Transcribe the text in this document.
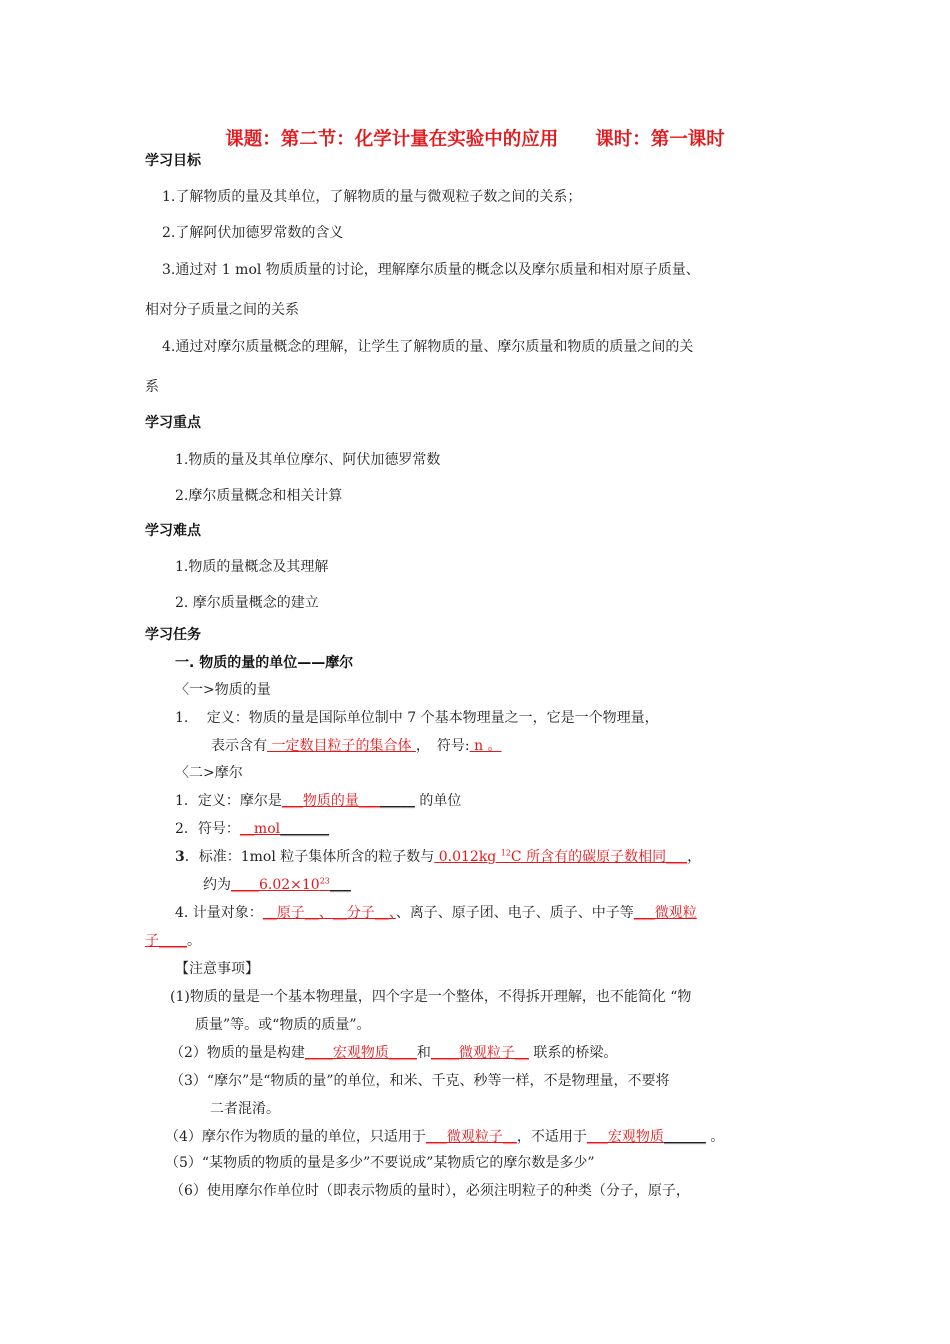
课题：第二节：化学计量在实验中的应用　　课时：第一课时
学习目标
1.了解物质的量及其单位，了解物质的量与微观粒子数之间的关系；
2.了解阿伏加德罗常数的含义
3.通过对 1 mol 物质质量的讨论，理解摩尔质量的概念以及摩尔质量和相对原子质量、
相对分子质量之间的关系
4.通过对摩尔质量概念的理解，让学生了解物质的量、摩尔质量和物质的质量之间的关
系
学习重点
1.物质的量及其单位摩尔、阿伏加德罗常数
2.摩尔质量概念和相关计算
学习难点
1.物质的量概念及其理解
2. 摩尔质量概念的建立
学习任务
一. 物质的量的单位——摩尔
〈一>物质的量
1.　 定义：物质的量是国际单位制中 7 个基本物理量之一，它是一个物理量，
表示含有 一定数目粒子的集合体 ，　符号: n 。
〈二>摩尔
1．定义：摩尔是___物质的量________ 的单位
2．符号：__mol_______
3．标准：1mol 粒子集体所含的粒子数与 0.012kg $^{12}$C 所含有的碳原子数相同___，
约为$\_\_\_\_6.02\times 10^{23}\_\_\_$
4. 计量对象：__原子__、__分子__、、离子、原子团、电子、质子、中子等___微观粒
子____。
【注意事项】
(1)物质的量是一个基本物理量，四个字是一个整体，不得拆开理解，也不能简化 “物
质量”等。或“物质的质量”。
（2）物质的量是构建____宏观物质____和____微观粒子__ 联系的桥梁。
（3）“摩尔”是“物质的量”的单位，和米、千克、秒等一样，不是物理量，不要将
二者混淆。
（4）摩尔作为物质的量的单位，只适用于___微观粒子__，不适用于___宏观物质______ 。
（5）“某物质的物质的量是多少”不要说成”某物质它的摩尔数是多少”
（6）使用摩尔作单位时（即表示物质的量时），必须注明粒子的种类（分子，原子，
